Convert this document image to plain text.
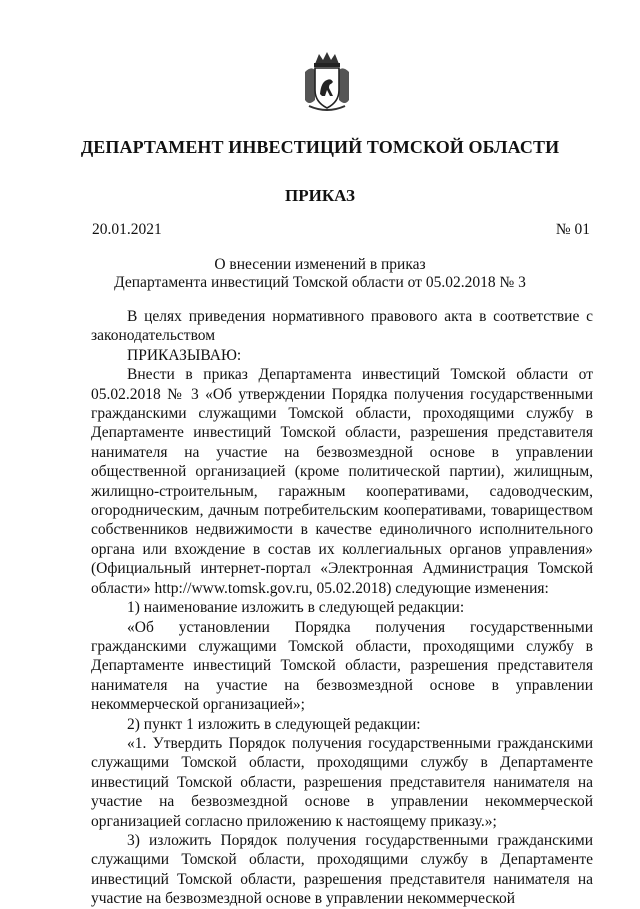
ДЕПАРТАМЕНТ ИНВЕСТИЦИЙ ТОМСКОЙ ОБЛАСТИ
ПРИКАЗ
20.01.2021	№ 01
О внесении изменений в приказ
Департамента инвестиций Томской области от 05.02.2018 № 3

В целях приведения нормативного правового акта в соответствие с законодательством

ПРИКАЗЫВАЮ:

Внести в приказ Департамента инвестиций Томской области от 05.02.2018 № 3 «Об утверждении Порядка получения государственными гражданскими служащими Томской области, проходящими службу в Департаменте инвестиций Томской области, разрешения представителя нанимателя на участие на безвозмездной основе в управлении общественной организацией (кроме политической партии), жилищным, жилищно-строительным, гаражным кооперативами, садоводческим, огородническим, дачным потребительским кооперативами, товариществом собственников недвижимости в качестве единоличного исполнительного органа или вхождение в состав их коллегиальных органов управления» (Официальный интернет-портал «Электронная Администрация Томской области» http://www.tomsk.gov.ru, 05.02.2018) следующие изменения:

1) наименование изложить в следующей редакции:

«Об установлении Порядка получения государственными гражданскими служащими Томской области, проходящими службу в Департаменте инвестиций Томской области, разрешения представителя нанимателя на участие на безвозмездной основе в управлении некоммерческой организацией»;

2) пункт 1 изложить в следующей редакции:

«1. Утвердить Порядок получения государственными гражданскими служащими Томской области, проходящими службу в Департаменте инвестиций Томской области, разрешения представителя нанимателя на участие на безвозмездной основе в управлении некоммерческой организацией согласно приложению к настоящему приказу.»;

3) изложить Порядок получения государственными гражданскими служащими Томской области, проходящими службу в Департаменте инвестиций Томской области, разрешения представителя нанимателя на участие на безвозмездной основе в управлении некоммерческой
